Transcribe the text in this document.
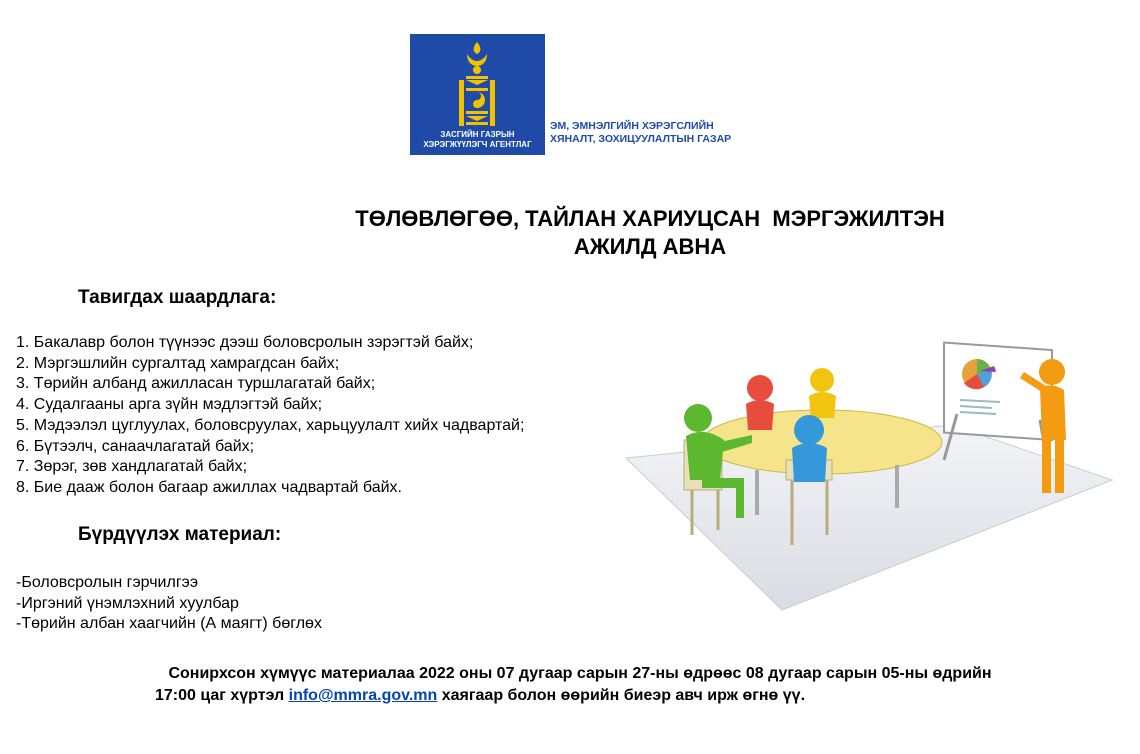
ЗАСГИЙН ГАЗРЫН
ХЭРЭГЖҮҮЛЭГЧ АГЕНТЛАГ
ЭМ, ЭМНЭЛГИЙН ХЭРЭГСЛИЙН
ХЯНАЛТ, ЗОХИЦУУЛАЛТЫН ГАЗАР
ТӨЛӨВЛӨГӨӨ, ТАЙЛАН ХАРИУЦСАН  МЭРГЭЖИЛТЭН
АЖИЛД АВНА
Тавигдах шаардлага:
1. Бакалавр болон түүнээс дээш боловсролын зэрэгтэй байх;
2. Мэргэшлийн сургалтад хамрагдсан байх;
3. Төрийн албанд ажилласан туршлагатай байх;
4. Судалгааны арга зүйн мэдлэгтэй байх;
5. Мэдээлэл цуглуулах, боловсруулах, харьцуулалт хийх чадвартай;
6. Бүтээлч, санаачлагатай байх;
7. Зөрэг, зөв хандлагатай байх;
8. Бие дааж болон багаар ажиллах чадвартай байх.
Бүрдүүлэх материал:
-Боловсролын гэрчилгээ
-Иргэний үнэмлэхний хуулбар
-Төрийн албан хаагчийн (А маягт) бөглөх
Сонирхсон хүмүүс материалаа 2022 оны 07 дугаар сарын 27-ны өдрөөс 08 дугаар сарын 05-ны өдрийн

17:00 цаг хүртэл info@mmra.gov.mn хаягаар болон өөрийн биеэр авч ирж өгнө үү.
